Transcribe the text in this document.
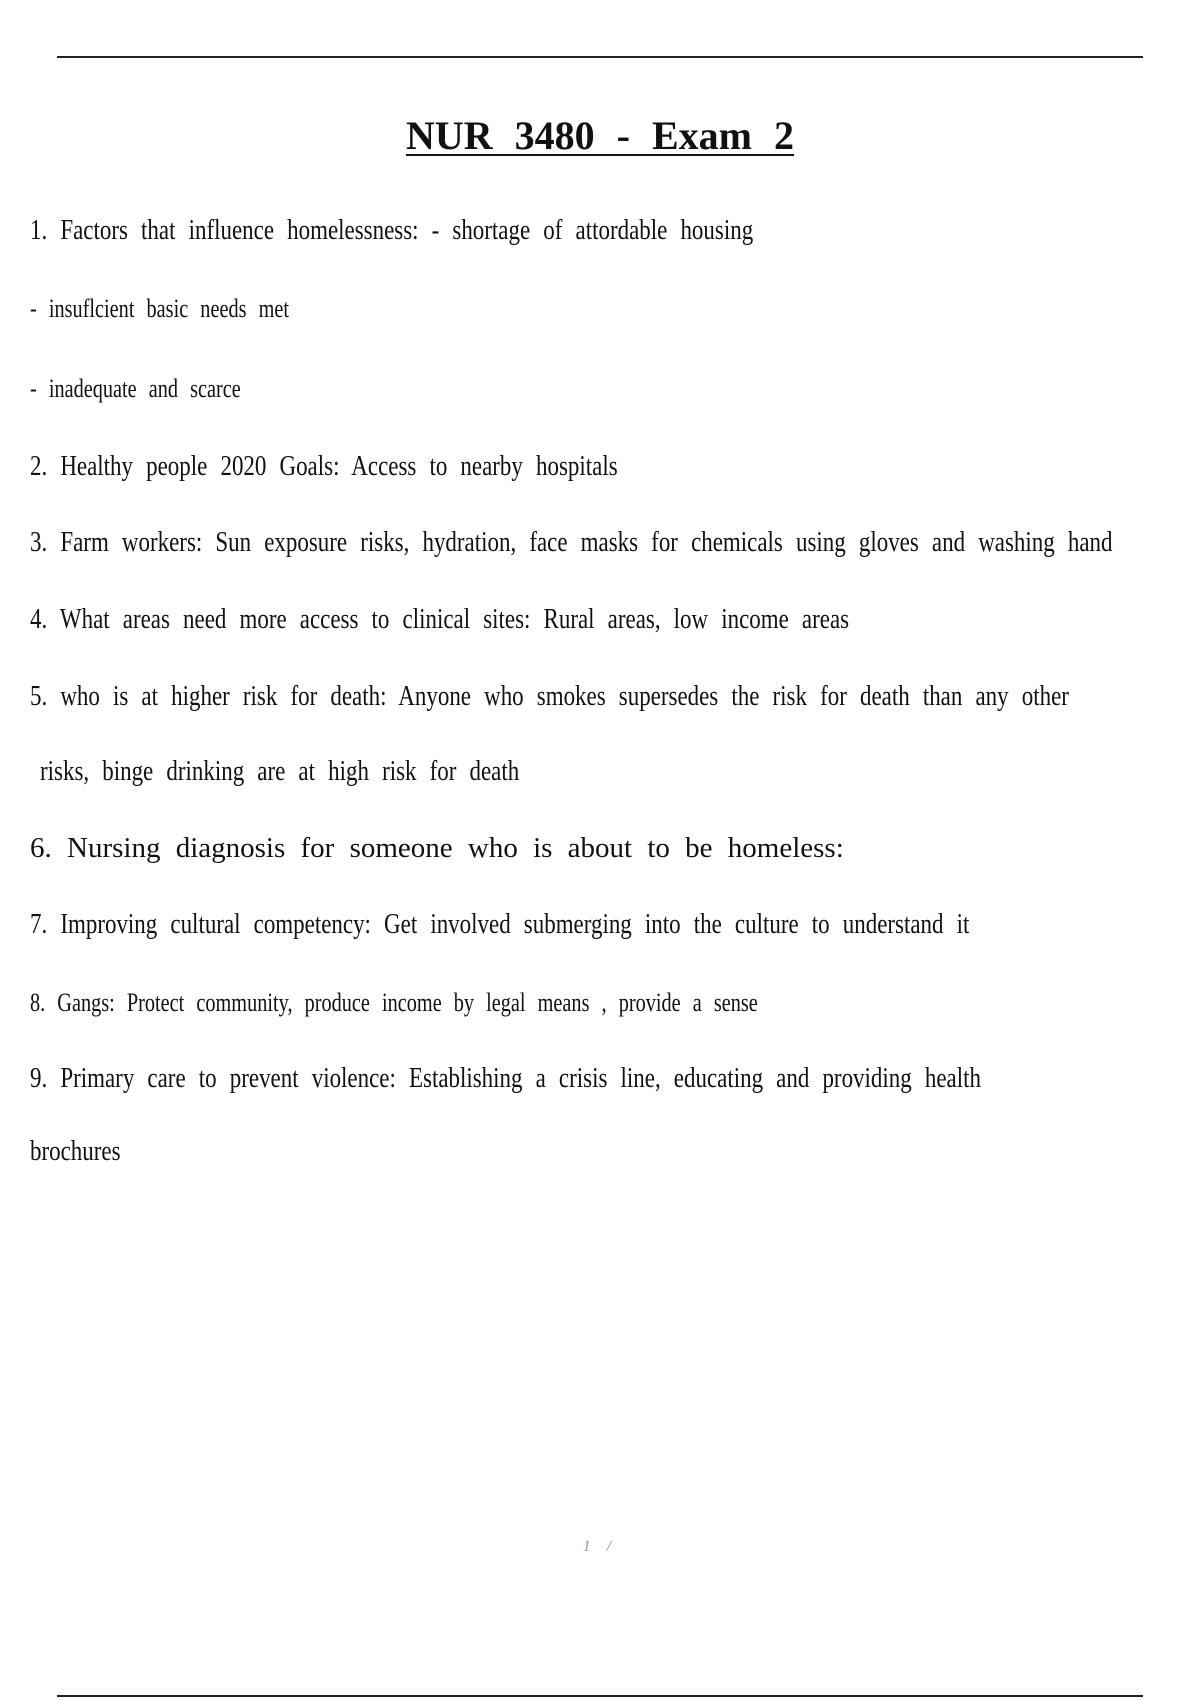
NUR 3480 - Exam 2
1. Factors that influence homelessness: - shortage of attordable housing
- insuflcient basic needs met
- inadequate and scarce
2. Healthy people 2020 Goals: Access to nearby hospitals
3. Farm workers: Sun exposure risks, hydration, face masks for chemicals using gloves and washing hand
4. What areas need more access to clinical sites: Rural areas, low income areas
5. who is at higher risk for death: Anyone who smokes supersedes the risk for death than any other
risks, binge drinking are at high risk for death
6. Nursing diagnosis for someone who is about to be homeless:
7. Improving cultural competency: Get involved submerging into the culture to understand it
8. Gangs: Protect community, produce income by legal means , provide a sense
9. Primary care to prevent violence: Establishing a crisis line, educating and providing health
brochures
1 /
